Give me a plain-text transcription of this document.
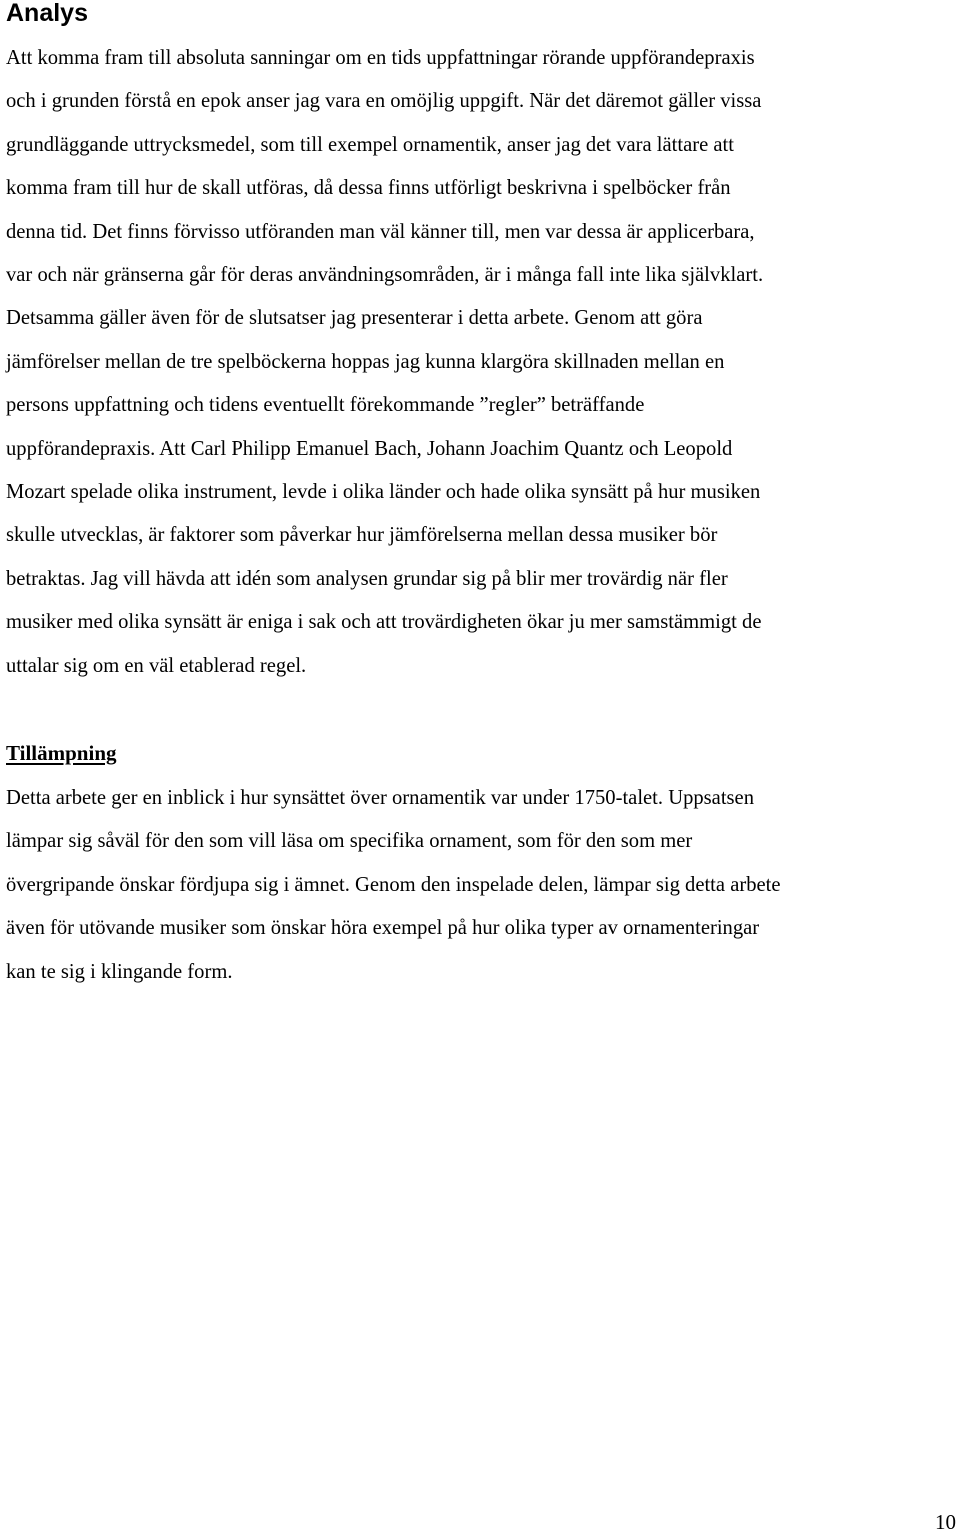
Analys

Att komma fram till absoluta sanningar om en tids uppfattningar rörande uppförandepraxis
och i grunden förstå en epok anser jag vara en omöjlig uppgift. När det däremot gäller vissa
grundläggande uttrycksmedel, som till exempel ornamentik, anser jag det vara lättare att
komma fram till hur de skall utföras, då dessa finns utförligt beskrivna i spelböcker från
denna tid. Det finns förvisso utföranden man väl känner till, men var dessa är applicerbara,
var och när gränserna går för deras användningsområden, är i många fall inte lika självklart.
Detsamma gäller även för de slutsatser jag presenterar i detta arbete. Genom att göra
jämförelser mellan de tre spelböckerna hoppas jag kunna klargöra skillnaden mellan en
persons uppfattning och tidens eventuellt förekommande ”regler” beträffande
uppförandepraxis. Att Carl Philipp Emanuel Bach, Johann Joachim Quantz och Leopold
Mozart spelade olika instrument, levde i olika länder och hade olika synsätt på hur musiken
skulle utvecklas, är faktorer som påverkar hur jämförelserna mellan dessa musiker bör
betraktas. Jag vill hävda att idén som analysen grundar sig på blir mer trovärdig när fler
musiker med olika synsätt är eniga i sak och att trovärdigheten ökar ju mer samstämmigt de
uttalar sig om en väl etablerad regel.

Tillämpning

Detta arbete ger en inblick i hur synsättet över ornamentik var under 1750-talet. Uppsatsen
lämpar sig såväl för den som vill läsa om specifika ornament, som för den som mer
övergripande önskar fördjupa sig i ämnet. Genom den inspelade delen, lämpar sig detta arbete
även för utövande musiker som önskar höra exempel på hur olika typer av ornamenteringar
kan te sig i klingande form.

10
